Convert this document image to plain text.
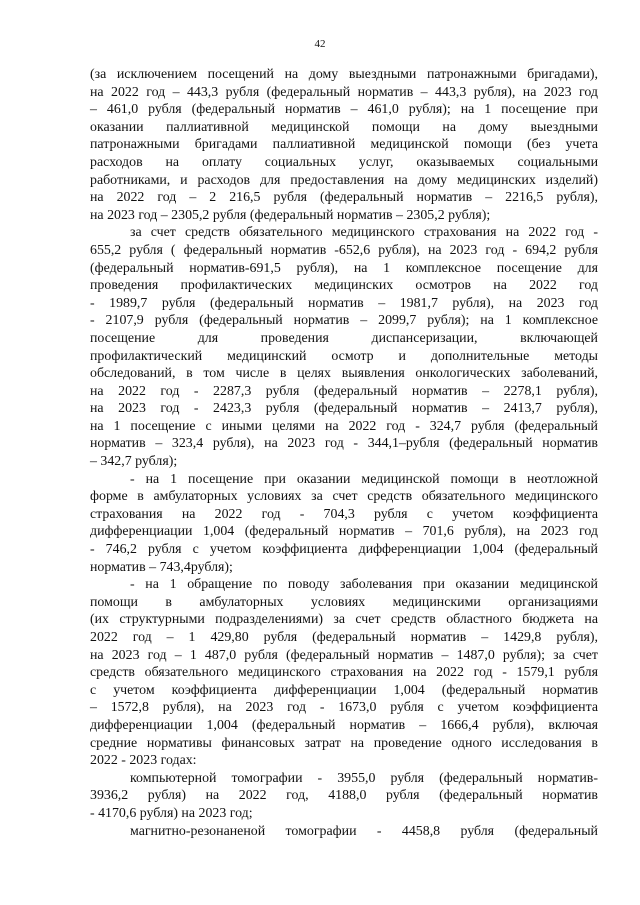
42
(за исключением посещений на дому выездными патронажными бригадами),
на 2022 год – 443,3 рубля (федеральный норматив – 443,3 рубля), на 2023 год
– 461,0 рубля (федеральный норматив – 461,0 рубля); на 1 посещение при
оказании паллиативной медицинской помощи на дому выездными
патронажными бригадами паллиативной медицинской помощи (без учета
расходов на оплату социальных услуг, оказываемых социальными
работниками, и расходов для предоставления на дому медицинских изделий)
на 2022 год – 2 216,5 рубля (федеральный норматив – 2216,5 рубля),
на 2023 год – 2305,2 рубля (федеральный норматив – 2305,2 рубля);
за счет средств обязательного медицинского страхования на 2022 год -
655,2 рубля ( федеральный норматив -652,6 рубля), на 2023 год - 694,2 рубля
(федеральный норматив-691,5 рубля), на 1 комплексное посещение для
проведения профилактических медицинских осмотров на 2022 год
- 1989,7 рубля (федеральный норматив – 1981,7 рубля), на 2023 год
- 2107,9 рубля (федеральный норматив – 2099,7 рубля); на 1 комплексное
посещение для проведения диспансеризации, включающей
профилактический медицинский осмотр и дополнительные методы
обследований, в том числе в целях выявления онкологических заболеваний,
на 2022 год - 2287,3 рубля (федеральный норматив – 2278,1 рубля),
на 2023 год - 2423,3 рубля (федеральный норматив – 2413,7 рубля),
на 1 посещение с иными целями на 2022 год - 324,7 рубля (федеральный
норматив – 323,4 рубля), на 2023 год - 344,1–рубля (федеральный норматив
– 342,7 рубля);
- на 1 посещение при оказании медицинской помощи в неотложной
форме в амбулаторных условиях за счет средств обязательного медицинского
страхования на 2022 год - 704,3 рубля с учетом коэффициента
дифференциации 1,004 (федеральный норматив – 701,6 рубля), на 2023 год
- 746,2 рубля с учетом коэффициента дифференциации 1,004 (федеральный
норматив – 743,4рубля);
- на 1 обращение по поводу заболевания при оказании медицинской
помощи в амбулаторных условиях медицинскими организациями
(их структурными подразделениями) за счет средств областного бюджета на
2022 год – 1 429,80 рубля (федеральный норматив – 1429,8 рубля),
на 2023 год – 1 487,0 рубля (федеральный норматив – 1487,0 рубля); за счет
средств обязательного медицинского страхования на 2022 год - 1579,1 рубля
с учетом коэффициента дифференциации 1,004 (федеральный норматив
– 1572,8 рубля), на 2023 год - 1673,0 рубля с учетом коэффициента
дифференциации 1,004 (федеральный норматив – 1666,4 рубля), включая
средние нормативы финансовых затрат на проведение одного исследования в
2022 - 2023 годах:
компьютерной томографии - 3955,0 рубля (федеральный норматив-
3936,2 рубля) на 2022 год, 4188,0 рубля (федеральный норматив
- 4170,6 рубля) на 2023 год;
магнитно-резонаненой томографии - 4458,8 рубля (федеральный
